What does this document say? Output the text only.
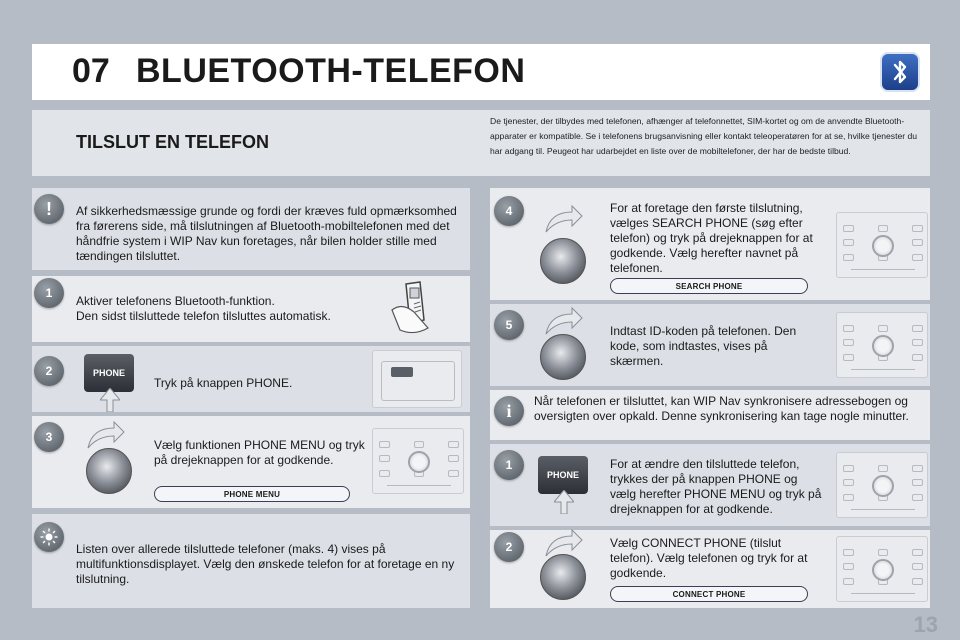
07 BLUETOOTH-TELEFON
TILSLUT EN TELEFON
De tjenester, der tilbydes med telefonen, afhænger af telefonnettet, SIM-kortet og om de anvendte Bluetooth-apparater er kompatible. Se i telefonens brugsanvisning eller kontakt teleoperatøren for at se, hvilke tjenester du har adgang til. Peugeot har udarbejdet en liste over de mobiltelefoner, der har de bedste tilbud.
!	Af sikkerhedsmæssige grunde og fordi der kræves fuld opmærksomhed fra førerens side, må tilslutningen af Bluetooth-mobiltelefonen med det håndfrie system i WIP Nav kun foretages, når bilen holder stille med tændingen tilsluttet.
1
Aktiver telefonens Bluetooth-funktion.
Den sidst tilsluttede telefon tilsluttes automatisk.
2	PHONE
Tryk på knappen PHONE.
3
Vælg funktionen PHONE MENU og tryk på drejeknappen for at godkende.
PHONE MENU
Listen over allerede tilsluttede telefoner (maks. 4) vises på multifunktionsdisplayet. Vælg den ønskede telefon for at foretage en ny tilslutning.
4	For at foretage den første tilslutning, vælges SEARCH PHONE (søg efter telefon) og tryk på drejeknappen for at godkende. Vælg herefter navnet på telefonen.
SEARCH PHONE
5	Indtast ID-koden på telefonen. Den kode, som indtastes, vises på skærmen.
i	Når telefonen er tilsluttet, kan WIP Nav synkronisere adressebogen og oversigten over opkald. Denne synkronisering kan tage nogle minutter.
1
PHONE
For at ændre den tilsluttede telefon, trykkes der på knappen PHONE og vælg herefter PHONE MENU og tryk på drejeknappen for at godkende.
2	Vælg CONNECT PHONE (tilslut telefon). Vælg telefonen og tryk for at godkende.
CONNECT PHONE
13
